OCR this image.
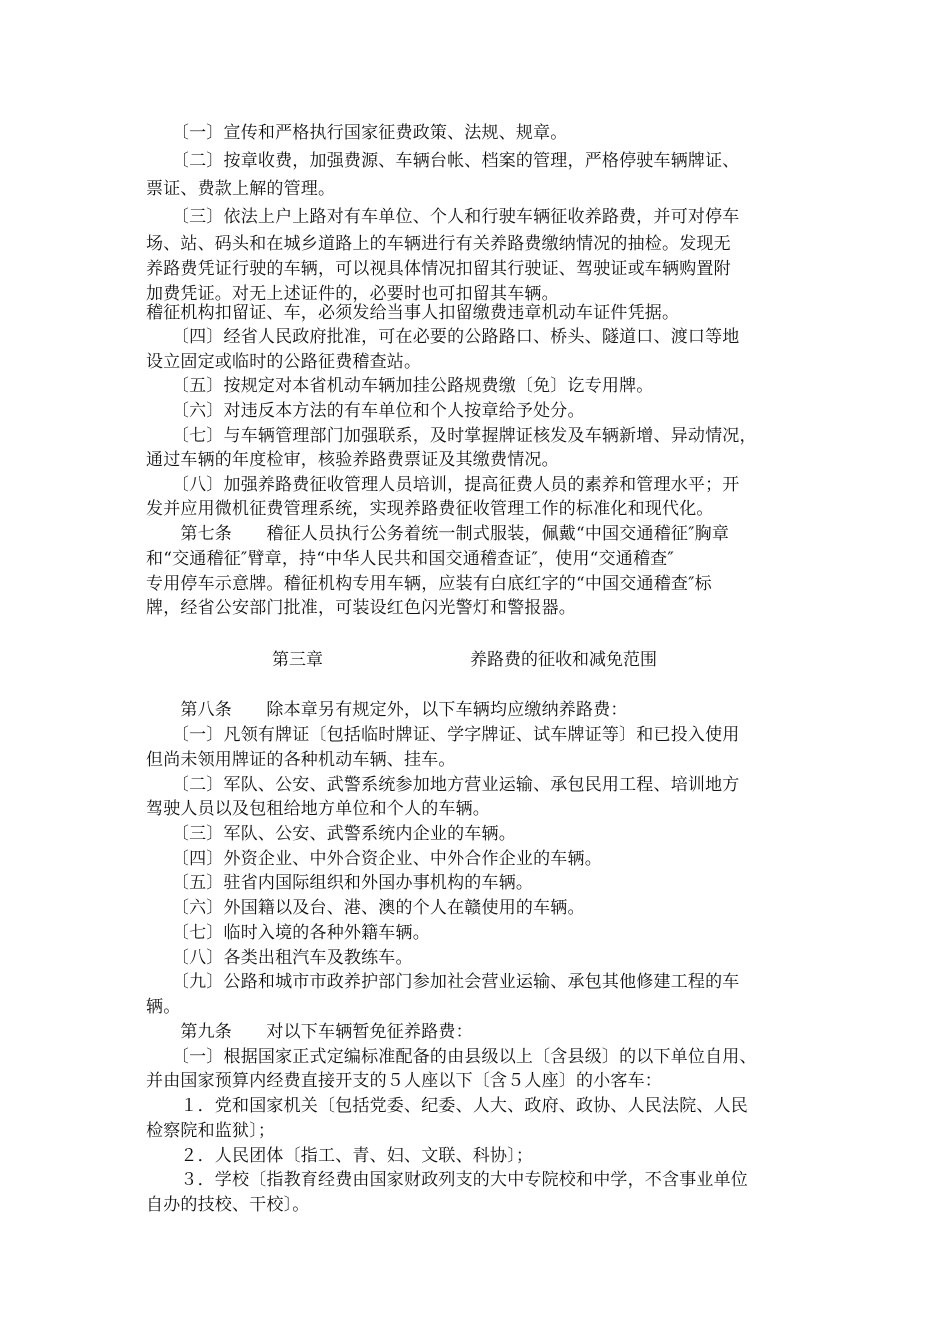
　　〔一〕宣传和严格执行国家征费政策、法规、规章。
　　〔二〕按章收费，加强费源、车辆台帐、档案的管理，严格停驶车辆牌证、
票证、费款上解的管理。
　　〔三〕依法上户上路对有车单位、个人和行驶车辆征收养路费，并可对停车
场、站、码头和在城乡道路上的车辆进行有关养路费缴纳情况的抽检。发现无
养路费凭证行驶的车辆，可以视具体情况扣留其行驶证、驾驶证或车辆购置附
加费凭证。对无上述证件的，必要时也可扣留其车辆。
稽征机构扣留证、车，必须发给当事人扣留缴费违章机动车证件凭据。
　　〔四〕经省人民政府批准，可在必要的公路路口、桥头、隧道口、渡口等地
设立固定或临时的公路征费稽查站。
　　〔五〕按规定对本省机动车辆加挂公路规费缴〔免〕讫专用牌。
　　〔六〕对违反本方法的有车单位和个人按章给予处分。
　　〔七〕与车辆管理部门加强联系，及时掌握牌证核发及车辆新增、异动情况，
通过车辆的年度检审，核验养路费票证及其缴费情况。
　　〔八〕加强养路费征收管理人员培训，提高征费人员的素养和管理水平；开
发并应用微机征费管理系统，实现养路费征收管理工作的标准化和现代化。
　　第七条　　稽征人员执行公务着统一制式服装，佩戴“中国交通稽征″胸章
和“交通稽征″臂章，持“中华人民共和国交通稽查证″，使用“交通稽查″
专用停车示意牌。稽征机构专用车辆，应装有白底红字的“中国交通稽查″标
牌，经省公安部门批准，可装设红色闪光警灯和警报器。
第三章	养路费的征收和减免范围
　　第八条　　除本章另有规定外，以下车辆均应缴纳养路费：
　　〔一〕凡领有牌证〔包括临时牌证、学字牌证、试车牌证等〕和已投入使用
但尚未领用牌证的各种机动车辆、挂车。
　　〔二〕军队、公安、武警系统参加地方营业运输、承包民用工程、培训地方
驾驶人员以及包租给地方单位和个人的车辆。
　　〔三〕军队、公安、武警系统内企业的车辆。
　　〔四〕外资企业、中外合资企业、中外合作企业的车辆。
　　〔五〕驻省内国际组织和外国办事机构的车辆。
　　〔六〕外国籍以及台、港、澳的个人在赣使用的车辆。
　　〔七〕临时入境的各种外籍车辆。
　　〔八〕各类出租汽车及教练车。
　　〔九〕公路和城市市政养护部门参加社会营业运输、承包其他修建工程的车
辆。
　　第九条　　对以下车辆暂免征养路费：
　　〔一〕根据国家正式定编标准配备的由县级以上〔含县级〕的以下单位自用、
并由国家预算内经费直接开支的５人座以下〔含５人座〕的小客车：
　　１．党和国家机关〔包括党委、纪委、人大、政府、政协、人民法院、人民
检察院和监狱〕；
　　２．人民团体〔指工、青、妇、文联、科协〕；
　　３．学校〔指教育经费由国家财政列支的大中专院校和中学，不含事业单位
自办的技校、干校〕。
